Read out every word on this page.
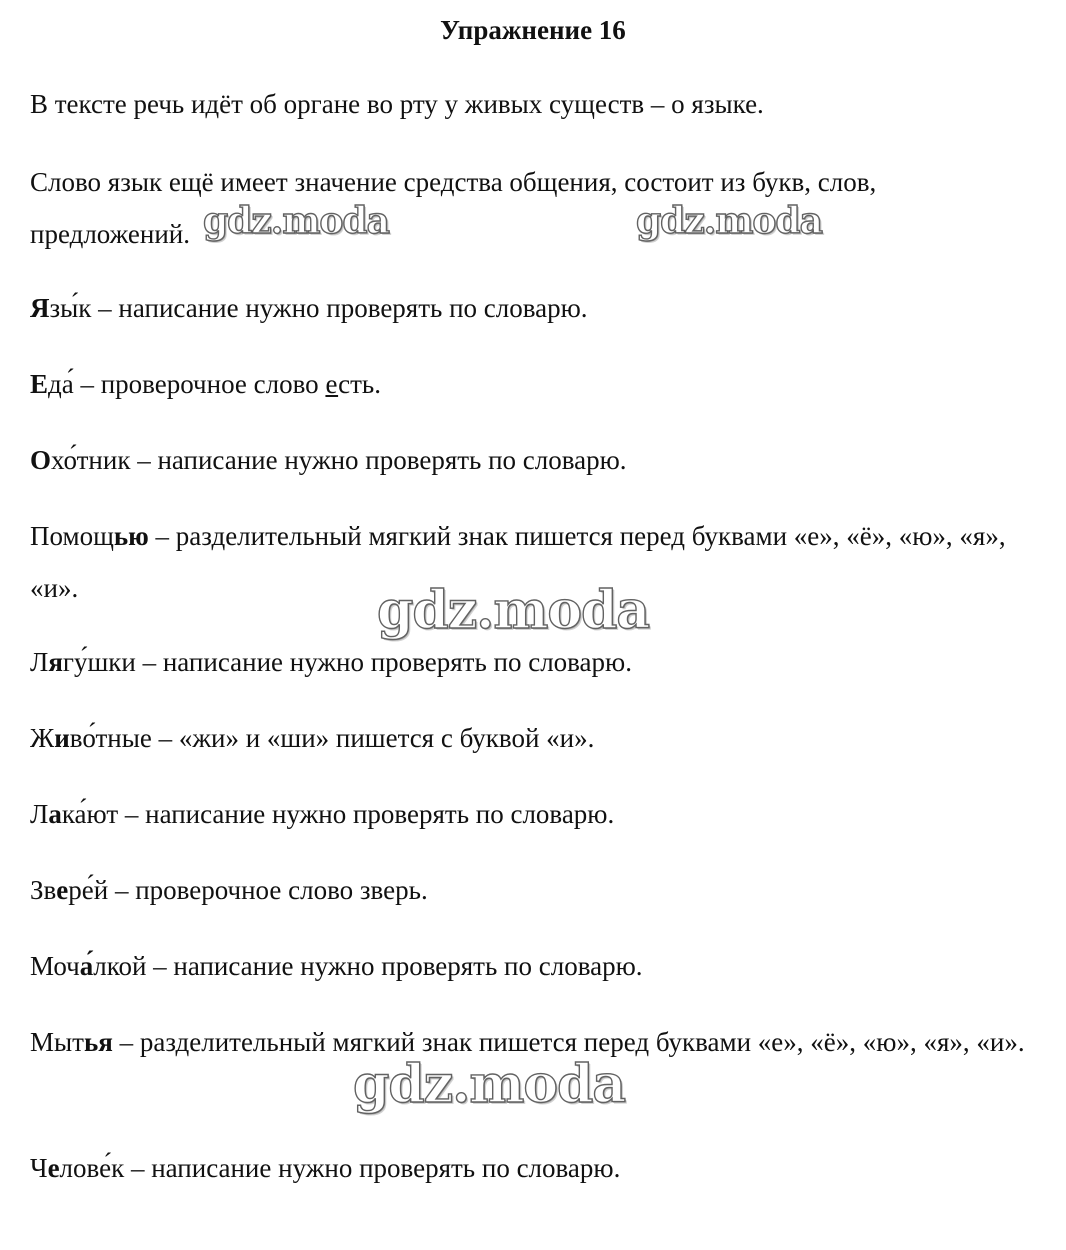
Упражнение 16
В тексте речь идёт об органе во рту у живых существ – о языке.
Слово язык ещё имеет значение средства общения, состоит из букв, слов, предложений.
Язы́к – написание нужно проверять по словарю.
Еда́ – проверочное слово есть.
Охо́тник – написание нужно проверять по словарю.
Помощью – разделительный мягкий знак пишется перед буквами «е», «ё», «ю», «я», «и».
Лягу́шки – написание нужно проверять по словарю.
Живо́тные – «жи» и «ши» пишется с буквой «и».
Лака́ют – написание нужно проверять по словарю.
Звере́й – проверочное слово зверь.
Моча́лкой – написание нужно проверять по словарю.
Мытья – разделительный мягкий знак пишется перед буквами «е», «ё», «ю», «я», «и».
Челове́к – написание нужно проверять по словарю.
gdz.moda	gdz.moda
gdz.moda
gdz.moda
